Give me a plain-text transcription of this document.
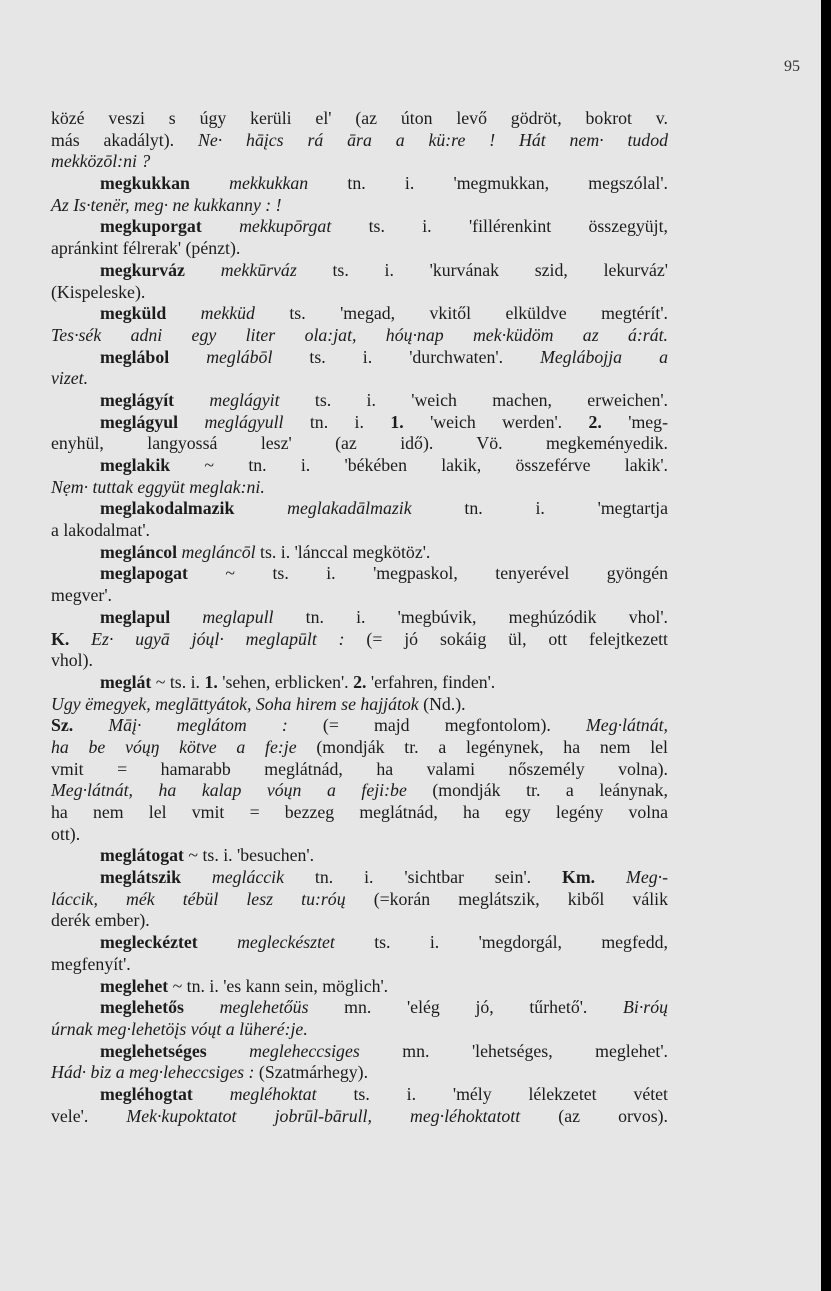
95
közé veszi s úgy kerüli el' (az úton levő gödröt, bokrot v.
más akadályt). Ne· hāįcs rá āra a kü:re ! Hát nem· tudod
mekközōl:ni ?
megkukkan mekkukkan tn. i. 'megmukkan, megszólal'.
Az Is·tenër, meg· ne kukkanny : !
megkuporgat mekkupōrgat ts. i. 'fillérenkint összegyüjt,
apránkint félrerak' (pénzt).
megkurváz mekkūrváz ts. i. 'kurvának szid, lekurváz'
(Kispeleske).
megküld mekküd ts. 'megad, vkitől elküldve megtérít'.
Tes·sék adni egy liter ola:jat, hóų·nap mek·küdöm az á:rát.
meglábol meglábōl ts. i. 'durchwaten'. Meglábojja a
vizet.
meglágyít meglágyit ts. i. 'weich machen, erweichen'.
meglágyul meglágyull tn. i. 1. 'weich werden'. 2. 'meg-
enyhül, langyossá lesz' (az idő). Vö. megkeményedik.
meglakik ~ tn. i. 'békében lakik, összeférve lakik'.
Nẹm· tuttak eggyüt meglak:ni.
meglakodalmazik	meglakadālmazik tn. i. 'megtartja
a lakodalmat'.
megláncol megláncōl ts. i. 'lánccal megkötöz'.
meglapogat ~ ts. i. 'megpaskol, tenyerével gyöngén
megver'.
meglapul meglapull tn. i. 'megbúvik, meghúzódik vhol'.
K. Ez· ugyā jóųl· meglapūlt : (= jó sokáig ül, ott felejtkezett
vhol).
meglát ~ ts. i. 1. 'sehen, erblicken'. 2. 'erfahren, finden'.
Ugy ëmegyek, meglāttyátok, Soha hirem se hajjátok (Nd.).
Sz. Māį· meglátom : (= majd megfontolom). Meg·látnát,
ha be vóųŋ kötve a fe:je (mondják tr. a legénynek, ha nem lel
vmit = hamarabb meglátnád, ha valami nőszemély volna).
Meg·látnát, ha kalap vóųn a feji:be (mondják tr. a leánynak,
ha nem lel vmit = bezzeg meglátnád, ha egy legény volna
ott).
meglátogat ~ ts. i. 'besuchen'.
meglátszik megláccik tn. i. 'sichtbar sein'. Km. Meg·-
láccik, mék tébül lesz tu:róų (=korán meglátszik, kiből válik
derék ember).
megleckéztet megleckésztet ts. i. 'megdorgál, megfedd,
megfenyít'.
meglehet ~ tn. i. 'es kann sein, möglich'.
meglehetős meglehetőüs mn. 'elég jó, tűrhető'. Bi·róų
úrnak meg·lehetöįs vóųt a lüheré:je.
meglehetséges megleheccsiges mn. 'lehetséges, meglehet'.
Hád· biz a meg·leheccsiges : (Szatmárhegy).
megléhogtat megléhoktat ts. i. 'mély lélekzetet vétet
vele'. Mek·kupoktatot jobrūl-bārull, meg·léhoktatott (az orvos).
